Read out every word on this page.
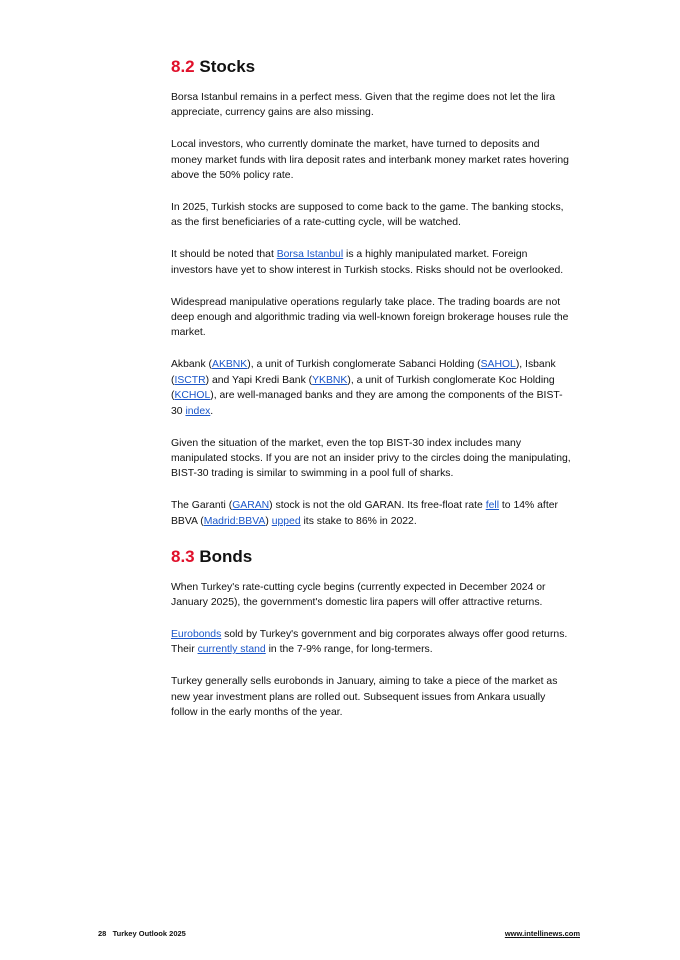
8.2 Stocks

Borsa Istanbul remains in a perfect mess. Given that the regime does not let the lira appreciate, currency gains are also missing.

Local investors, who currently dominate the market, have turned to deposits and money market funds with lira deposit rates and interbank money market rates hovering above the 50% policy rate.

In 2025, Turkish stocks are supposed to come back to the game. The banking stocks, as the first beneficiaries of a rate-cutting cycle, will be watched.

It should be noted that Borsa Istanbul is a highly manipulated market. Foreign investors have yet to show interest in Turkish stocks. Risks should not be overlooked.

Widespread manipulative operations regularly take place. The trading boards are not deep enough and algorithmic trading via well-known foreign brokerage houses rule the market.

Akbank (AKBNK), a unit of Turkish conglomerate Sabanci Holding (SAHOL), Isbank (ISCTR) and Yapi Kredi Bank (YKBNK), a unit of Turkish conglomerate Koc Holding (KCHOL), are well-managed banks and they are among the components of the BIST-30 index.

Given the situation of the market, even the top BIST-30 index includes many manipulated stocks. If you are not an insider privy to the circles doing the manipulating, BIST-30 trading is similar to swimming in a pool full of sharks.

The Garanti (GARAN) stock is not the old GARAN. Its free-float rate fell to 14% after BBVA (Madrid:BBVA) upped its stake to 86% in 2022.

8.3 Bonds

When Turkey's rate-cutting cycle begins (currently expected in December 2024 or January 2025), the government's domestic lira papers will offer attractive returns.

Eurobonds sold by Turkey's government and big corporates always offer good returns. Their currently stand in the 7-9% range, for long-termers.

Turkey generally sells eurobonds in January, aiming to take a piece of the market as new year investment plans are rolled out. Subsequent issues from Ankara usually follow in the early months of the year.

28 Turkey Outlook 2025	www.intellinews.com
